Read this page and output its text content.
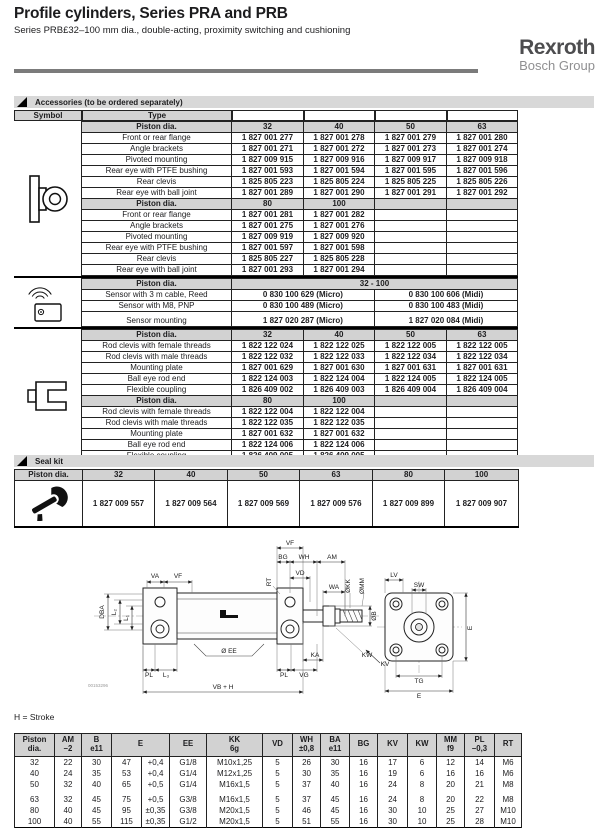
Profile cylinders, Series PRA and PRB
Series PRB£32–100 mm dia., double-acting, proximity switching and cushioning
Rexroth
Bosch Group
Accessories (to be ordered separately)
Symbol	Type
Piston dia.	32	40	50	63
Front or rear flange	1 827 001 277	1 827 001 278	1 827 001 279	1 827 001 280
Angle brackets	1 827 001 271	1 827 001 272	1 827 001 273	1 827 001 274
Pivoted mounting	1 827 009 915	1 827 009 916	1 827 009 917	1 827 009 918
Rear eye with PTFE bushing	1 827 001 593	1 827 001 594	1 827 001 595	1 827 001 596
Rear clevis	1 825 805 223	1 825 805 224	1 825 805 225	1 825 805 226
Rear eye with ball joint	1 827 001 289	1 827 001 290	1 827 001 291	1 827 001 292
Piston dia.	80	100		
Front or rear flange	1 827 001 281	1 827 001 282		
Angle brackets	1 827 001 275	1 827 001 276		
Pivoted mounting	1 827 009 919	1 827 009 920		
Rear eye with PTFE bushing	1 827 001 597	1 827 001 598		
Rear clevis	1 825 805 227	1 825 805 228		
Rear eye with ball joint	1 827 001 293	1 827 001 294		
Piston dia.	32 - 100	
Sensor with 3 m cable, Reed	0 830 100 629 (Micro)	0 830 100 606 (Midi)
Sensor with M8, PNP	0 830 100 489 (Micro)	0 830 100 483 (Midi)
Sensor mounting	1 827 020 287 (Micro)	1 827 020 084 (Midi)
Piston dia.	32	40	50	63
Rod clevis with female threads	1 822 122 024	1 822 122 025	1 822 122 005	1 822 122 005
Rod clevis with male threads	1 822 122 032	1 822 122 033	1 822 122 034	1 822 122 034
Mounting plate	1 827 001 629	1 827 001 630	1 827 001 631	1 827 001 631
Ball eye rod end	1 822 124 003	1 822 124 004	1 822 124 005	1 822 124 005
Flexible coupling	1 826 409 002	1 826 409 003	1 826 409 004	1 826 409 004
Piston dia.	80	100		
Rod clevis with female threads	1 822 122 004	1 822 122 004		
Rod clevis with male threads	1 822 122 035	1 822 122 035		
Mounting plate	1 827 001 632	1 827 001 632		
Ball eye rod end	1 822 124 006	1 822 124 006		

Seal kit
Piston dia.	32	40	50	63	80	100
	1 827 009 557	1 827 009 564	1 827 009 569	1 827 009 576	1 827 009 899	1 827 009 907
VA VF
DBA L₂
L₁
VF
BG WH	AM
VD
WA
RT	ØKK ØMM
ØB
Ø EE
KA
PL L₃	PL VG
VB + H
KW
KV
LV
SW
TG
E
E
00153296
H = Stroke
Piston
dia.

AM
–2

B
e11	E	EE	KK
6g	VD	WH
±0,8

BA
e11	BG	KV	KW	MM
f9

PL
–0,3	RT

32	22	30	47	+0,4	G1/8	M10x1,25	5	26	30	16	17	6	12	14	M6
40	24	35	53	+0,4	G1/4	M12x1,25	5	30	35	16	19	6	16	16	M6
50	32	40	65	+0,5	G1/4	M16x1,5	5	37	40	16	24	8	20	21	M8
63	32	45	75	+0,5	G3/8	M16x1,5	5	37	45	16	24	8	20	22	M8
80	40	45	95	±0,35	G3/8	M20x1,5	5	46	45	16	30	10	25	27	M10
100	40	55	115	±0,35	G1/2	M20x1,5	5	51	55	16	30	10	25	28	M10
